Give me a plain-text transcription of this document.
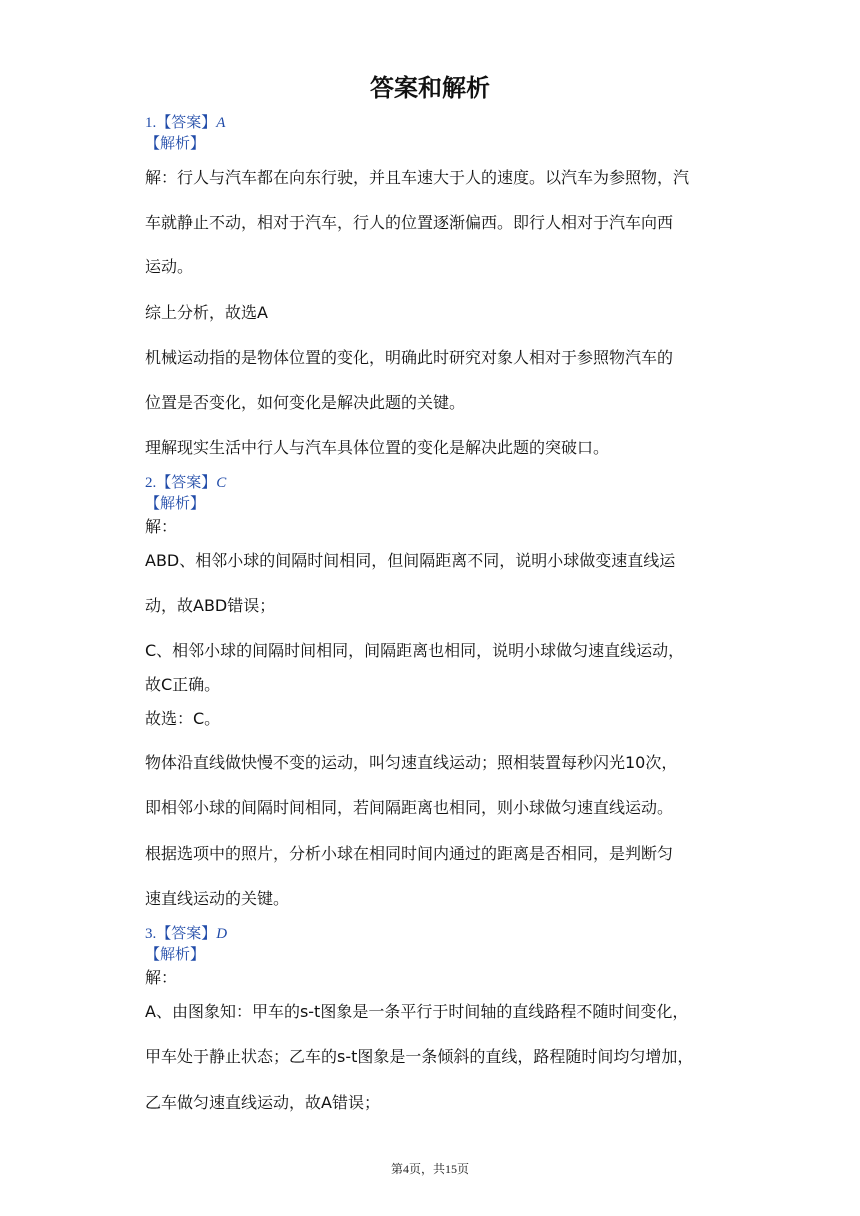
答案和解析
1.【答案】A
【解析】
解：行人与汽车都在向东行驶，并且车速大于人的速度。以汽车为参照物，汽
车就静止不动，相对于汽车，行人的位置逐渐偏西。即行人相对于汽车向西
运动。
综上分析，故选A
机械运动指的是物体位置的变化，明确此时研究对象人相对于参照物汽车的
位置是否变化，如何变化是解决此题的关键。
理解现实生活中行人与汽车具体位置的变化是解决此题的突破口。
2.【答案】C
【解析】
解：
ABD、相邻小球的间隔时间相同，但间隔距离不同，说明小球做变速直线运
动，故ABD错误；
C、相邻小球的间隔时间相同，间隔距离也相同，说明小球做匀速直线运动，
故C正确。
故选：C。
物体沿直线做快慢不变的运动，叫匀速直线运动；照相装置每秒闪光10次，
即相邻小球的间隔时间相同，若间隔距离也相同，则小球做匀速直线运动。
根据选项中的照片，分析小球在相同时间内通过的距离是否相同，是判断匀
速直线运动的关键。
3.【答案】D
【解析】
解：
A、由图象知：甲车的s-t图象是一条平行于时间轴的直线路程不随时间变化，
甲车处于静止状态；乙车的s-t图象是一条倾斜的直线，路程随时间均匀增加，
乙车做匀速直线运动，故A错误；
第4页，共15页
